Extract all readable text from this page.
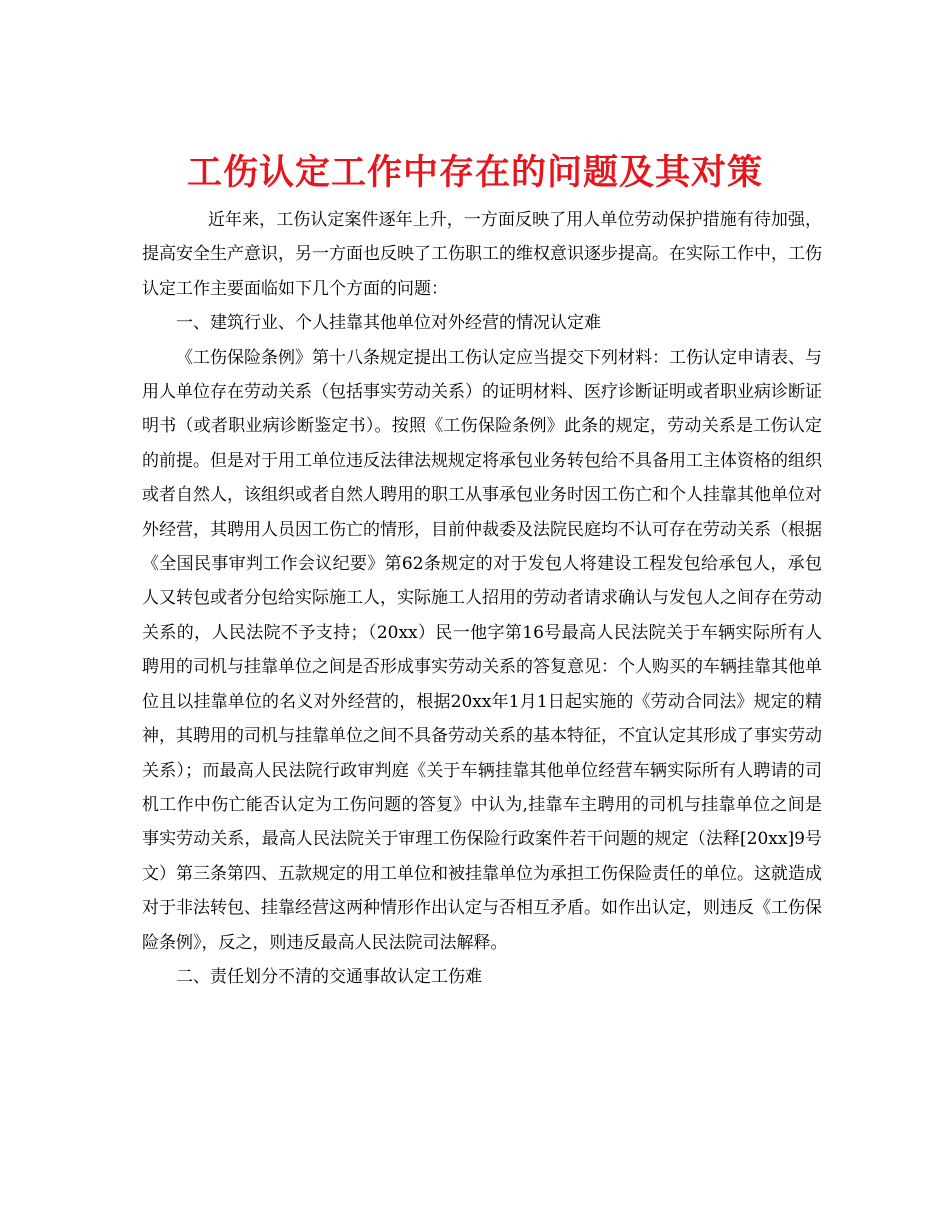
工伤认定工作中存在的问题及其对策

近年来，工伤认定案件逐年上升，一方面反映了用人单位劳动保护措施有待加强，提高安全生产意识，另一方面也反映了工伤职工的维权意识逐步提高。在实际工作中，工伤认定工作主要面临如下几个方面的问题：

一、建筑行业、个人挂靠其他单位对外经营的情况认定难

《工伤保险条例》第十八条规定提出工伤认定应当提交下列材料：工伤认定申请表、与用人单位存在劳动关系（包括事实劳动关系）的证明材料、医疗诊断证明或者职业病诊断证明书（或者职业病诊断鉴定书）。按照《工伤保险条例》此条的规定，劳动关系是工伤认定的前提。但是对于用工单位违反法律法规规定将承包业务转包给不具备用工主体资格的组织或者自然人，该组织或者自然人聘用的职工从事承包业务时因工伤亡和个人挂靠其他单位对外经营，其聘用人员因工伤亡的情形，目前仲裁委及法院民庭均不认可存在劳动关系（根据《全国民事审判工作会议纪要》第62条规定的对于发包人将建设工程发包给承包人，承包人又转包或者分包给实际施工人，实际施工人招用的劳动者请求确认与发包人之间存在劳动关系的，人民法院不予支持；（20xx）民一他字第16号最高人民法院关于车辆实际所有人聘用的司机与挂靠单位之间是否形成事实劳动关系的答复意见：个人购买的车辆挂靠其他单位且以挂靠单位的名义对外经营的，根据20xx年1月1日起实施的《劳动合同法》规定的精神，其聘用的司机与挂靠单位之间不具备劳动关系的基本特征，不宜认定其形成了事实劳动关系）；而最高人民法院行政审判庭《关于车辆挂靠其他单位经营车辆实际所有人聘请的司机工作中伤亡能否认定为工伤问题的答复》中认为,挂靠车主聘用的司机与挂靠单位之间是事实劳动关系，最高人民法院关于审理工伤保险行政案件若干问题的规定（法释[20xx]9号文）第三条第四、五款规定的用工单位和被挂靠单位为承担工伤保险责任的单位。这就造成对于非法转包、挂靠经营这两种情形作出认定与否相互矛盾。如作出认定，则违反《工伤保险条例》，反之，则违反最高人民法院司法解释。

二、责任划分不清的交通事故认定工伤难
